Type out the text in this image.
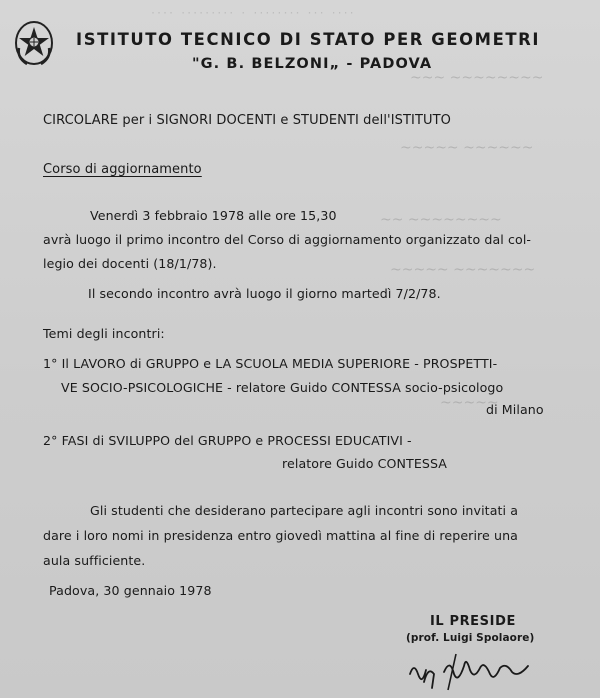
···· ········· · ········ ··· ····
~~~ ~~~~~~~~
~~~~~ ~~~~~~
~~ ~~~~~~~~
~~~~~ ~~~~~~~
~~~~~
ISTITUTO TECNICO DI STATO PER GEOMETRI
"G. B. BELZONI„ - PADOVA
CIRCOLARE per i SIGNORI DOCENTI e STUDENTI dell'ISTITUTO
Corso di aggiornamento
Venerdì 3 febbraio 1978 alle ore 15,30
avrà luogo il primo incontro del Corso di aggiornamento organizzato dal col-
legio dei docenti (18/1/78).
Il secondo incontro avrà luogo il giorno martedì 7/2/78.
Temi degli incontri:
1° Il LAVORO di GRUPPO e LA SCUOLA MEDIA SUPERIORE - PROSPETTI-
VE SOCIO-PSICOLOGICHE - relatore Guido CONTESSA socio-psicologo
di Milano
2° FASI di SVILUPPO del GRUPPO e PROCESSI EDUCATIVI -
relatore Guido CONTESSA
Gli studenti che desiderano partecipare agli incontri sono invitati a
dare i loro nomi in presidenza entro giovedì mattina al fine di reperire una
aula sufficiente.
Padova, 30 gennaio 1978
IL PRESIDE
(prof. Luigi Spolaore)
